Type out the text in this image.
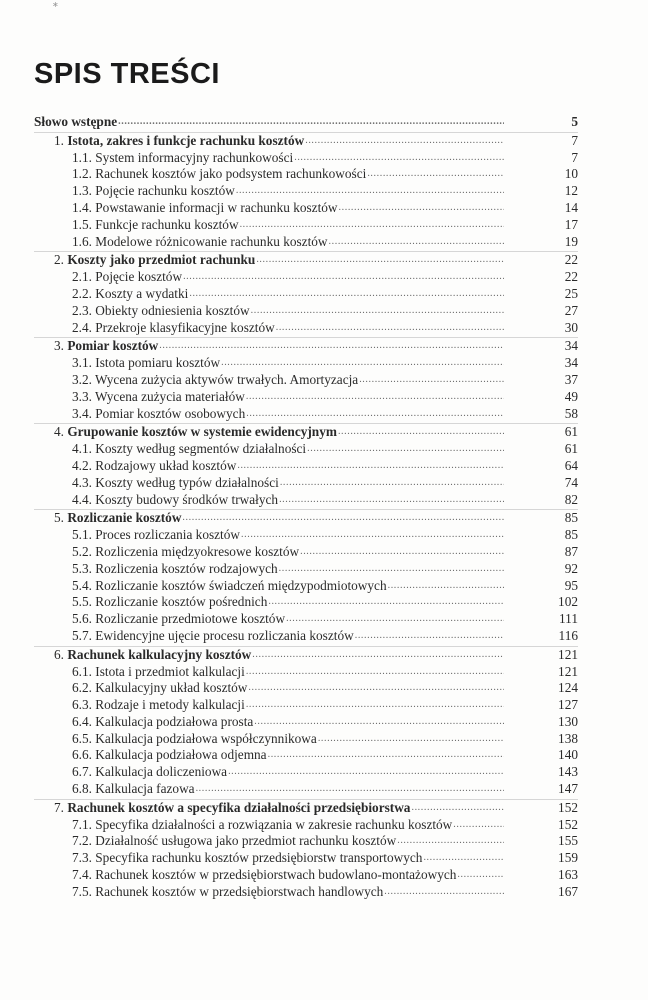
∗
SPIS TREŚCI
Słowo wstępne .....	5
1. Istota, zakres i funkcje rachunku kosztów .....	7
1.1. System informacyjny rachunkowości .....	7
1.2. Rachunek kosztów jako podsystem rachunkowości .....	10
1.3. Pojęcie rachunku kosztów .....	12
1.4. Powstawanie informacji w rachunku kosztów .....	14
1.5. Funkcje rachunku kosztów .....	17
1.6. Modelowe różnicowanie rachunku kosztów .....	19
2. Koszty jako przedmiot rachunku .....	22
2.1. Pojęcie kosztów .....	22
2.2. Koszty a wydatki .....	25
2.3. Obiekty odniesienia kosztów .....	27
2.4. Przekroje klasyfikacyjne kosztów .....	30
3. Pomiar kosztów .....	34
3.1. Istota pomiaru kosztów .....	34
3.2. Wycena zużycia aktywów trwałych. Amortyzacja .....	37
3.3. Wycena zużycia materiałów .....	49
3.4. Pomiar kosztów osobowych .....	58
4. Grupowanie kosztów w systemie ewidencyjnym .....	61
4.1. Koszty według segmentów działalności .....	61
4.2. Rodzajowy układ kosztów .....	64
4.3. Koszty według typów działalności .....	74
4.4. Koszty budowy środków trwałych .....	82
5. Rozliczanie kosztów .....	85
5.1. Proces rozliczania kosztów .....	85
5.2. Rozliczenia międzyokresowe kosztów .....	87
5.3. Rozliczenia kosztów rodzajowych .....	92
5.4. Rozliczanie kosztów świadczeń międzypodmiotowych .....	95
5.5. Rozliczanie kosztów pośrednich .....	102
5.6. Rozliczanie przedmiotowe kosztów .....	111
5.7. Ewidencyjne ujęcie procesu rozliczania kosztów .....	116
6. Rachunek kalkulacyjny kosztów .....	121
6.1. Istota i przedmiot kalkulacji .....	121
6.2. Kalkulacyjny układ kosztów .....	124
6.3. Rodzaje i metody kalkulacji .....	127
6.4. Kalkulacja podziałowa prosta .....	130
6.5. Kalkulacja podziałowa współczynnikowa .....	138
6.6. Kalkulacja podziałowa odjemna .....	140
6.7. Kalkulacja doliczeniowa .....	143
6.8. Kalkulacja fazowa .....	147
7. Rachunek kosztów a specyfika działalności przedsiębiorstwa .....	152
7.1. Specyfika działalności a rozwiązania w zakresie rachunku kosztów .....	152
7.2. Działalność usługowa jako przedmiot rachunku kosztów .....	155
7.3. Specyfika rachunku kosztów przedsiębiorstw transportowych .....	159
7.4. Rachunek kosztów w przedsiębiorstwach budowlano-montażowych .....	163
7.5. Rachunek kosztów w przedsiębiorstwach handlowych .....	167
